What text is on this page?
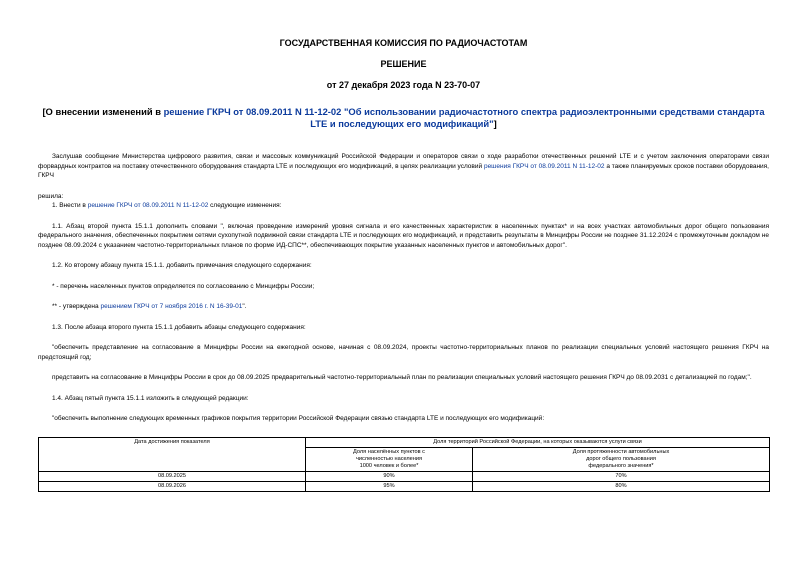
ГОСУДАРСТВЕННАЯ КОМИССИЯ ПО РАДИОЧАСТОТАМ
РЕШЕНИЕ
от 27 декабря 2023 года N 23-70-07
[О внесении изменений в решение ГКРЧ от 08.09.2011 N 11-12-02 "Об использовании радиочастотного спектра радиоэлектронными средствами стандарта LTE и последующих его модификаций"]

Заслушав сообщение Министерства цифрового развития, связи и массовых коммуникаций Российской Федерации и операторов связи о ходе разработки отечественных решений LTE и с учетом заключения операторами связи форвардных контрактов на поставку отечественного оборудования стандарта LTE и последующих его модификаций, в целях реализации условий решения ГКРЧ от 08.09.2011 N 11-12-02 а также планируемых сроков поставки оборудования, ГКРЧ

решила:

1. Внести в решение ГКРЧ от 08.09.2011 N 11-12-02 следующие изменения:

1.1. Абзац второй пункта 15.1.1 дополнить словами ", включая проведение измерений уровня сигнала и его качественных характеристик в населенных пунктах* и на всех участках автомобильных дорог общего пользования федерального значения, обеспеченных покрытием сетями сухопутной подвижной связи стандарта LTE и последующих его модификаций, и представить результаты в Минцифры России не позднее 31.12.2024 с промежуточным докладом не позднее 08.09.2024 с указанием частотно-территориальных планов по форме ИД-СПС**, обеспечивающих покрытие указанных населенных пунктов и автомобильных дорог".

1.2. Ко второму абзацу пункта 15.1.1. добавить примечания следующего содержания:

* - перечень населенных пунктов определяется по согласованию с Минцифры России;

** - утверждена решением ГКРЧ от 7 ноября 2016 г. N 16-39-01".

1.3. После абзаца второго пункта 15.1.1 добавить абзацы следующего содержания:

"обеспечить представление на согласование в Минцифры России на ежегодной основе, начиная с 08.09.2024, проекты частотно-территориальных планов по реализации специальных условий настоящего решения ГКРЧ на предстоящий год;

представить на согласование в Минцифры России в срок до 08.09.2025 предварительный частотно-территориальный план по реализации специальных условий настоящего решения ГКРЧ до 08.09.2031 с детализацией по годам;".

1.4. Абзац пятый пункта 15.1.1 изложить в следующей редакции:

"обеспечить выполнение следующих временных графиков покрытия территории Российской Федерации связью стандарта LTE и последующих его модификаций:

Дата достижения показателя	Доля территорий Российской Федерации, на которых оказываются услуги связи	

	Доля населённых пунктов с численностью населения 1000 человек и более*	Доля протяженности автомобильных дорог общего пользования федерального значения*

08.09.2025	90%	70%
08.09.2026	95%	80%
